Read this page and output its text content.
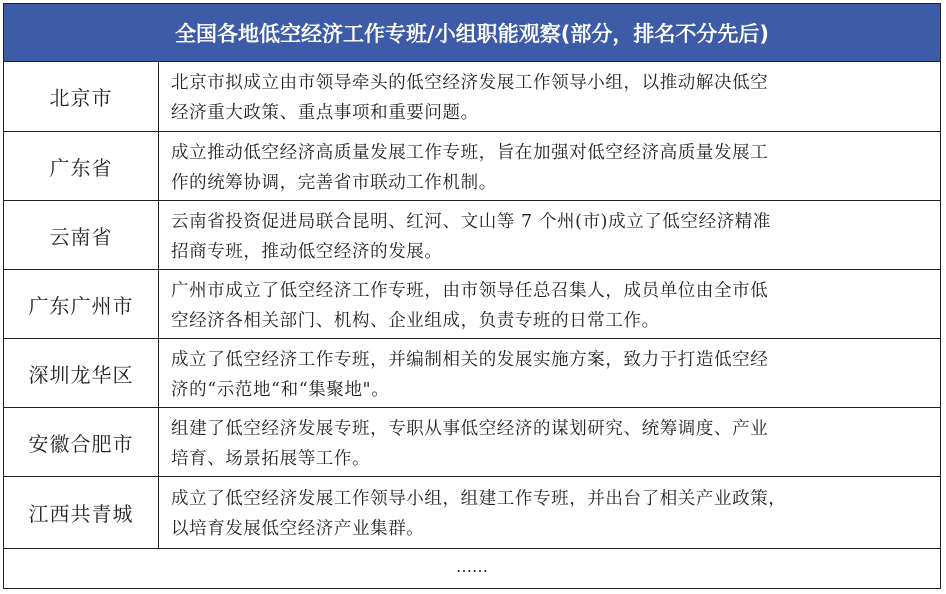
全国各地低空经济工作专班/小组职能观察(部分，排名不分先后)
北京市
北京市拟成立由市领导牵头的低空经济发展工作领导小组，以推动解决低空
经济重大政策、重点事项和重要问题。
广东省
成立推动低空经济高质量发展工作专班，旨在加强对低空经济高质量发展工
作的统筹协调，完善省市联动工作机制。
云南省
云南省投资促进局联合昆明、红河、文山等 7 个州(市)成立了低空经济精准
招商专班，推动低空经济的发展。
广东广州市
广州市成立了低空经济工作专班，由市领导任总召集人，成员单位由全市低
空经济各相关部门、机构、企业组成，负责专班的日常工作。
深圳龙华区
成立了低空经济工作专班，并编制相关的发展实施方案，致力于打造低空经
济的“示范地“和“集聚地"。
安徽合肥市
组建了低空经济发展专班，专职从事低空经济的谋划研究、统筹调度、产业
培育、场景拓展等工作。
江西共青城
成立了低空经济发展工作领导小组，组建工作专班，并出台了相关产业政策，
以培育发展低空经济产业集群。
……
